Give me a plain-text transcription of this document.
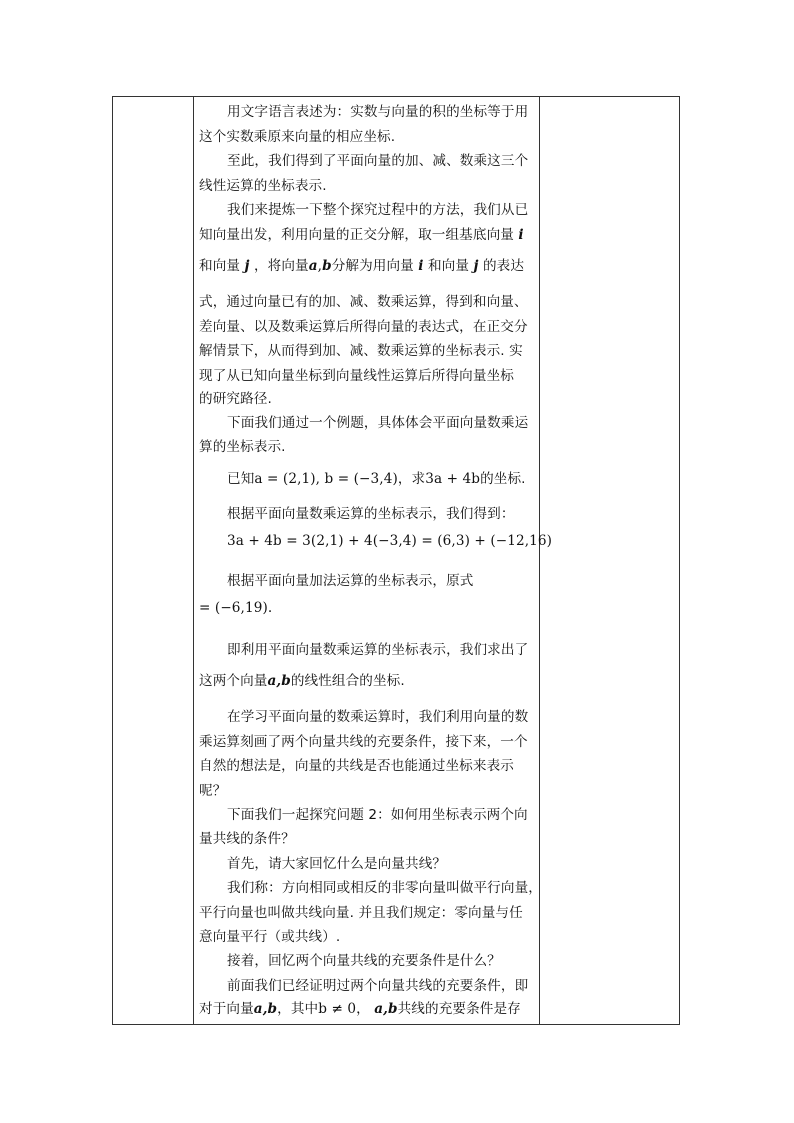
用文字语言表述为：实数与向量的积的坐标等于用
这个实数乘原来向量的相应坐标.
至此，我们得到了平面向量的加、减、数乘这三个
线性运算的坐标表示.
我们来提炼一下整个探究过程中的方法，我们从已
知向量出发，利用向量的正交分解，取一组基底向量 i
和向量 j ，将向量a,b分解为用向量 i 和向量 j 的表达
式，通过向量已有的加、减、数乘运算，得到和向量、
差向量、以及数乘运算后所得向量的表达式，在正交分
解情景下，从而得到加、减、数乘运算的坐标表示. 实
现了从已知向量坐标到向量线性运算后所得向量坐标
的研究路径.
下面我们通过一个例题，具体体会平面向量数乘运
算的坐标表示.
已知a = (2,1), b = (−3,4)，求3a + 4b的坐标.
根据平面向量数乘运算的坐标表示，我们得到：
3a + 4b = 3(2,1) + 4(−3,4) = (6,3) + (−12,16)
根据平面向量加法运算的坐标表示，原式
= (−6,19).
即利用平面向量数乘运算的坐标表示，我们求出了
这两个向量a,b的线性组合的坐标.
在学习平面向量的数乘运算时，我们利用向量的数
乘运算刻画了两个向量共线的充要条件，接下来，一个
自然的想法是，向量的共线是否也能通过坐标来表示
呢？
下面我们一起探究问题 2：如何用坐标表示两个向
量共线的条件？
首先，请大家回忆什么是向量共线？
我们称：方向相同或相反的非零向量叫做平行向量，
平行向量也叫做共线向量. 并且我们规定：零向量与任
意向量平行（或共线）.
接着，回忆两个向量共线的充要条件是什么？
前面我们已经证明过两个向量共线的充要条件，即
对于向量a,b，其中b ≠ 0， a,b共线的充要条件是存
